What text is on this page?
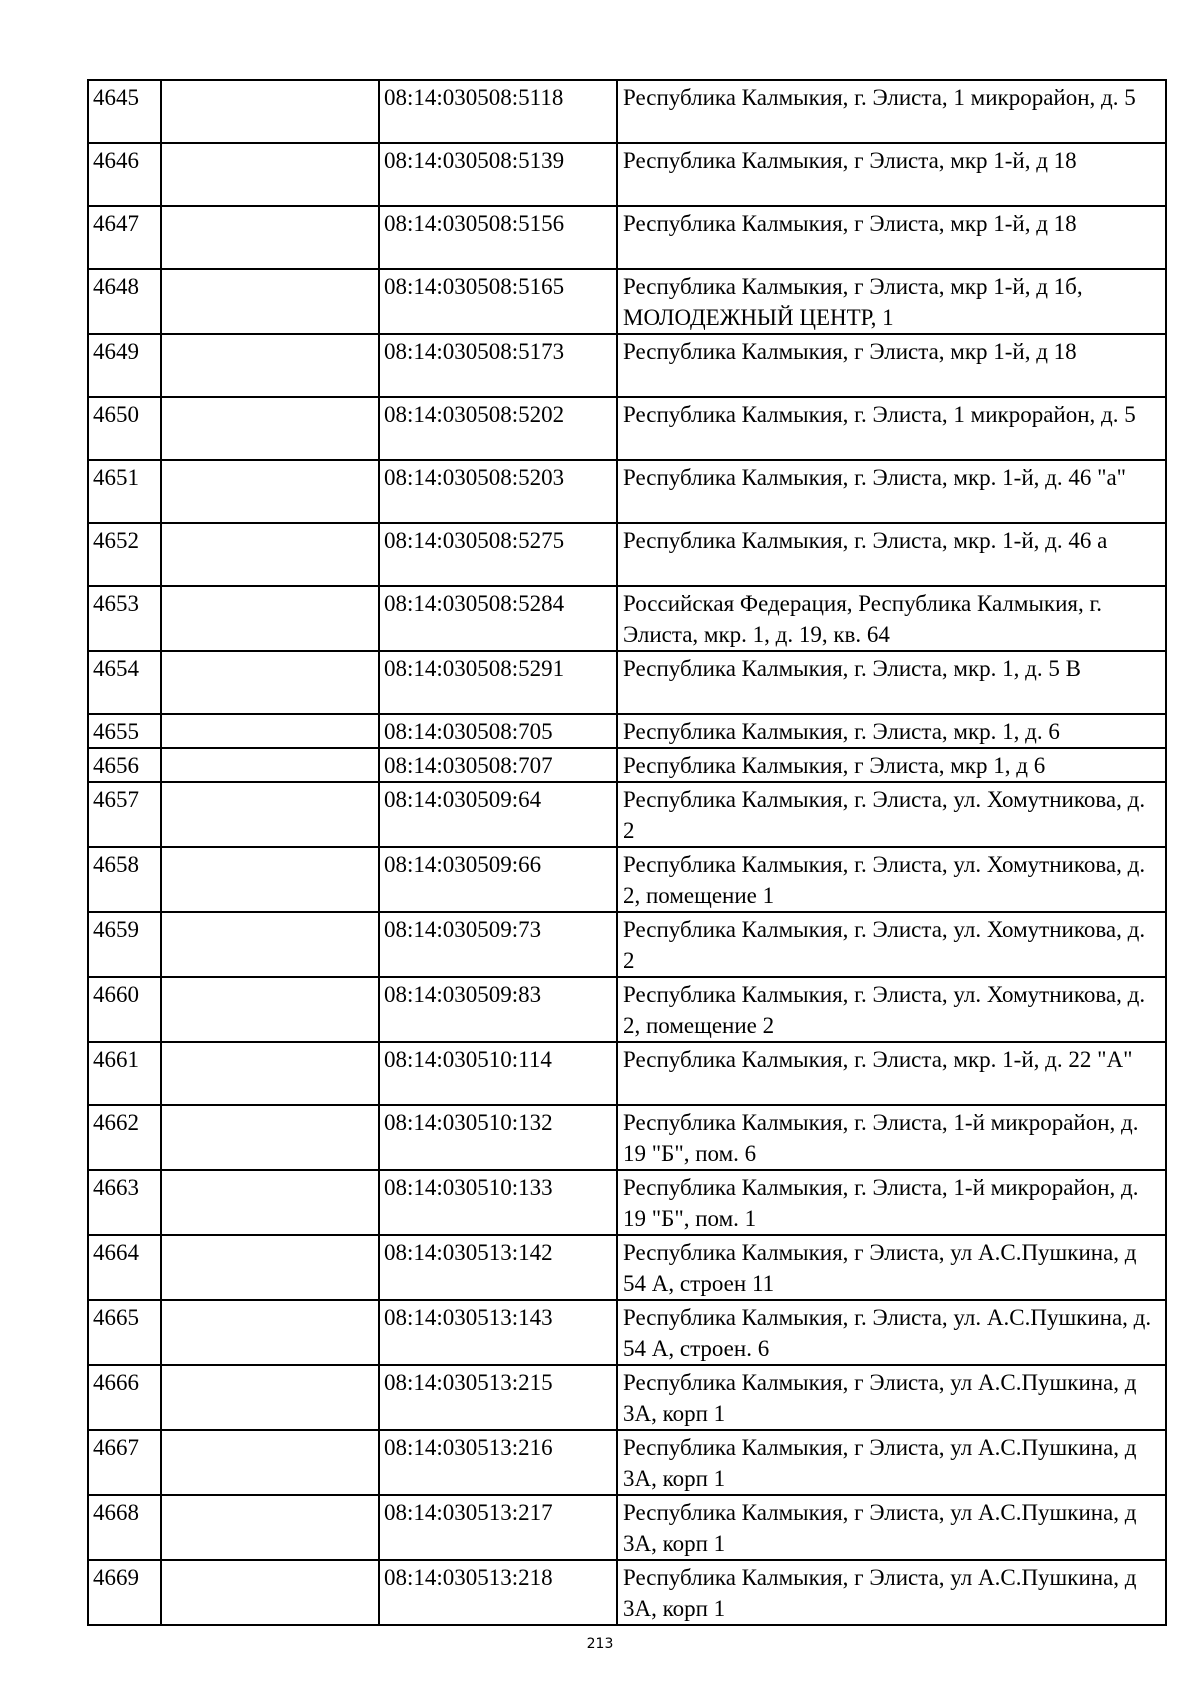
4645		08:14:030508:5118	Республика Калмыкия, г. Элиста, 1 микрорайон, д. 5
4646		08:14:030508:5139	Республика Калмыкия, г Элиста, мкр 1-й, д 18
4647		08:14:030508:5156	Республика Калмыкия, г Элиста, мкр 1-й, д 18
4648		08:14:030508:5165	Республика Калмыкия, г Элиста, мкр 1-й, д 1б, МОЛОДЕЖНЫЙ ЦЕНТР, 1
4649		08:14:030508:5173	Республика Калмыкия, г Элиста, мкр 1-й, д 18
4650		08:14:030508:5202	Республика Калмыкия, г. Элиста, 1 микрорайон, д. 5
4651		08:14:030508:5203	Республика Калмыкия, г. Элиста, мкр. 1-й, д. 46 "а"
4652		08:14:030508:5275	Республика Калмыкия, г. Элиста, мкр. 1-й, д. 46 а
4653		08:14:030508:5284	Российская Федерация, Республика Калмыкия, г. Элиста, мкр. 1, д. 19, кв. 64
4654		08:14:030508:5291	Республика Калмыкия, г. Элиста, мкр. 1, д. 5 В
4655		08:14:030508:705	Республика Калмыкия, г. Элиста, мкр. 1, д. 6
4656		08:14:030508:707	Республика Калмыкия, г Элиста, мкр 1, д 6
4657		08:14:030509:64	Республика Калмыкия, г. Элиста, ул. Хомутникова, д. 2
4658		08:14:030509:66	Республика Калмыкия, г. Элиста, ул. Хомутникова, д. 2, помещение 1
4659		08:14:030509:73	Республика Калмыкия, г. Элиста, ул. Хомутникова, д. 2
4660		08:14:030509:83	Республика Калмыкия, г. Элиста, ул. Хомутникова, д. 2, помещение 2
4661		08:14:030510:114	Республика Калмыкия, г. Элиста, мкр. 1-й, д. 22 "А"
4662		08:14:030510:132	Республика Калмыкия, г. Элиста, 1-й микрорайон, д. 19 "Б", пом. 6
4663		08:14:030510:133	Республика Калмыкия, г. Элиста, 1-й микрорайон, д. 19 "Б", пом. 1
4664		08:14:030513:142	Республика Калмыкия, г Элиста, ул А.С.Пушкина, д 54 А, строен 11
4665		08:14:030513:143	Республика Калмыкия, г. Элиста, ул. А.С.Пушкина, д. 54 А, строен. 6
4666		08:14:030513:215	Республика Калмыкия, г Элиста, ул А.С.Пушкина, д 3А, корп 1
4667		08:14:030513:216	Республика Калмыкия, г Элиста, ул А.С.Пушкина, д 3А, корп 1
4668		08:14:030513:217	Республика Калмыкия, г Элиста, ул А.С.Пушкина, д 3А, корп 1
4669		08:14:030513:218	Республика Калмыкия, г Элиста, ул А.С.Пушкина, д 3А, корп 1
213
